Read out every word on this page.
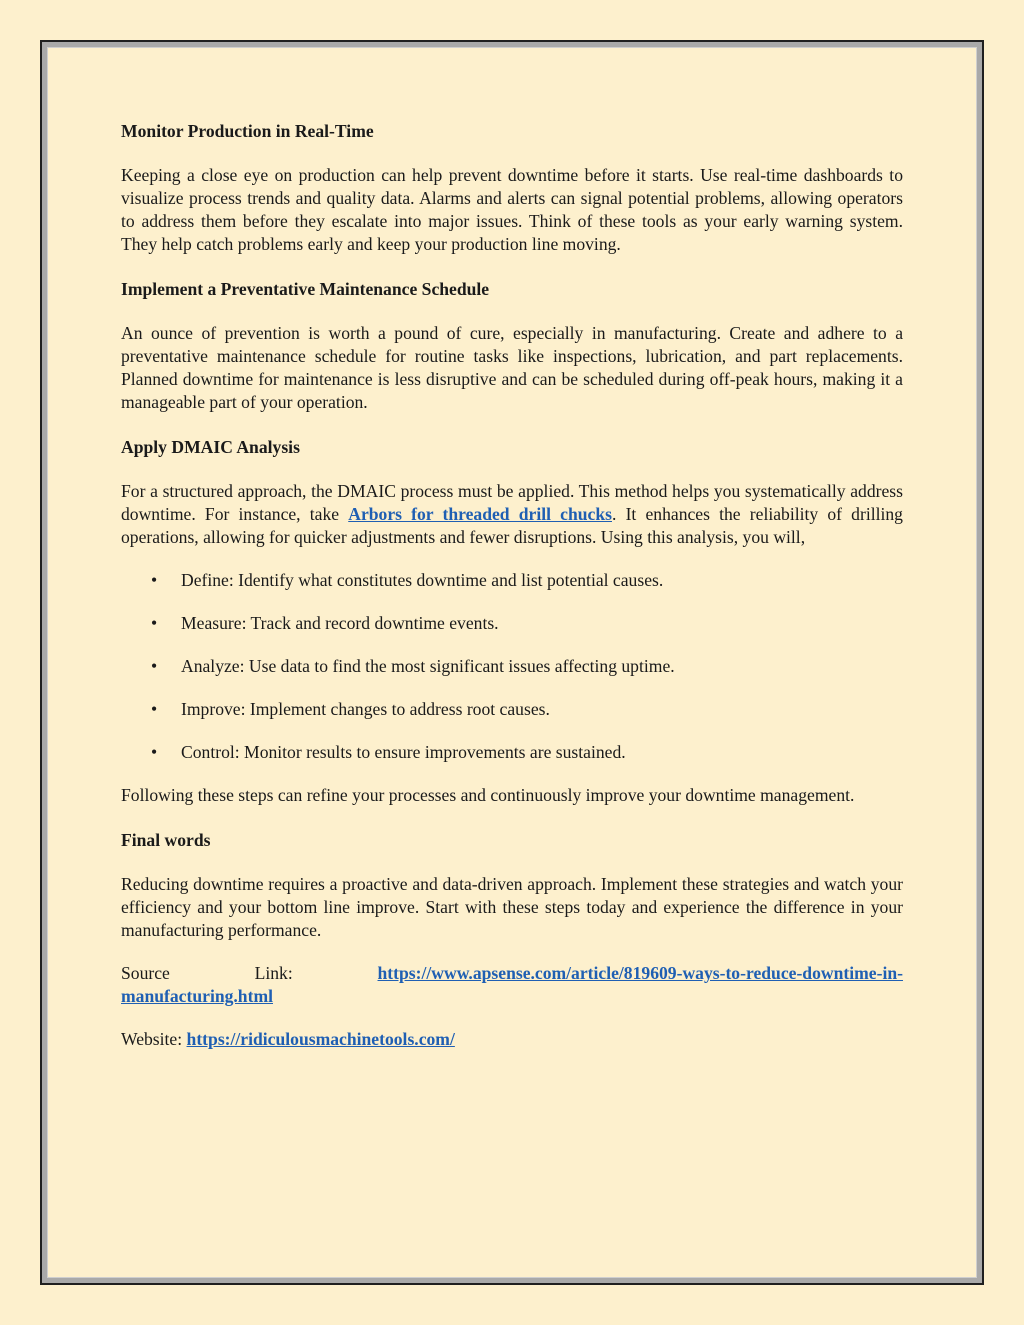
Monitor Production in Real-Time

Keeping a close eye on production can help prevent downtime before it starts. Use real-time dashboards to visualize process trends and quality data. Alarms and alerts can signal potential problems, allowing operators to address them before they escalate into major issues. Think of these tools as your early warning system. They help catch problems early and keep your production line moving.

Implement a Preventative Maintenance Schedule

An ounce of prevention is worth a pound of cure, especially in manufacturing. Create and adhere to a preventative maintenance schedule for routine tasks like inspections, lubrication, and part replacements. Planned downtime for maintenance is less disruptive and can be scheduled during off-peak hours, making it a manageable part of your operation.

Apply DMAIC Analysis

For a structured approach, the DMAIC process must be applied. This method helps you systematically address downtime. For instance, take Arbors for threaded drill chucks. It enhances the reliability of drilling operations, allowing for quicker adjustments and fewer disruptions. Using this analysis, you will,

• Define: Identify what constitutes downtime and list potential causes.
• Measure: Track and record downtime events.
• Analyze: Use data to find the most significant issues affecting uptime.
• Improve: Implement changes to address root causes.
• Control: Monitor results to ensure improvements are sustained.

Following these steps can refine your processes and continuously improve your downtime management.

Final words

Reducing downtime requires a proactive and data-driven approach. Implement these strategies and watch your efficiency and your bottom line improve. Start with these steps today and experience the difference in your manufacturing performance.

Source	Link:	https://www.apsense.com/article/819609-ways-to-reduce-downtime-in-
manufacturing.html

Website: https://ridiculousmachinetools.com/
